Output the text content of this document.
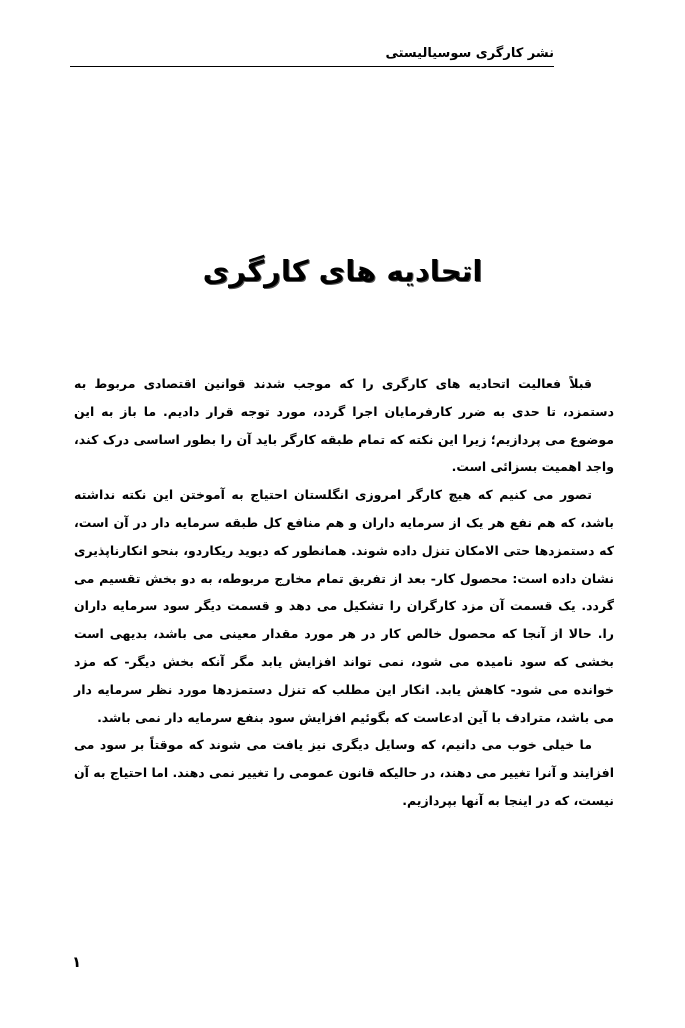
نشر کارگری سوسیالیستی
اتحادیه های کارگری

قبلاً فعالیت اتحادیه های کارگری را که موجب شدند قوانین اقتصادی مربوط به دستمزد، تا حدی به ضرر کارفرمایان اجرا گردد، مورد توجه قرار دادیم. ما باز به این موضوع می پردازیم؛ زیرا این نکته که تمام طبقه کارگر باید آن را بطور اساسی درک کند، واجد اهمیت بسزائی است.

تصور می کنیم که هیچ کارگر امروزی انگلستان احتیاج به آموختن این نکته نداشته باشد، که هم نفع هر یک از سرمایه داران و هم منافع کل طبقه سرمایه دار در آن است، که دستمزدها حتی الامکان تنزل داده شوند. همانطور که دیوید ریکاردو، بنحو انکارناپذیری نشان داده است: محصول کار- بعد از تفریق تمام مخارج مربوطه، به دو بخش تقسیم می گردد. یک قسمت آن مزد کارگران را تشکیل می دهد و قسمت دیگر سود سرمایه داران را. حالا از آنجا که محصول خالص کار در هر مورد مقدار معینی می باشد، بدیهی است بخشی که سود نامیده می شود، نمی تواند افزایش یابد مگر آنکه بخش دیگر- که مزد خوانده می شود- کاهش یابد. انکار این مطلب که تنزل دستمزدها مورد نظر سرمایه دار می باشد، مترادف با آین ادعاست که بگوئیم افزایش سود بنفع سرمایه دار نمی باشد.

ما خیلی خوب می دانیم، که وسایل دیگری نیز یافت می شوند که موقتاً بر سود می افزایند و آنرا تغییر می دهند، در حالیکه قانون عمومی را تغییر نمی دهند. اما احتیاج به آن نیست، که در اینجا به آنها بپردازیم.

۱
